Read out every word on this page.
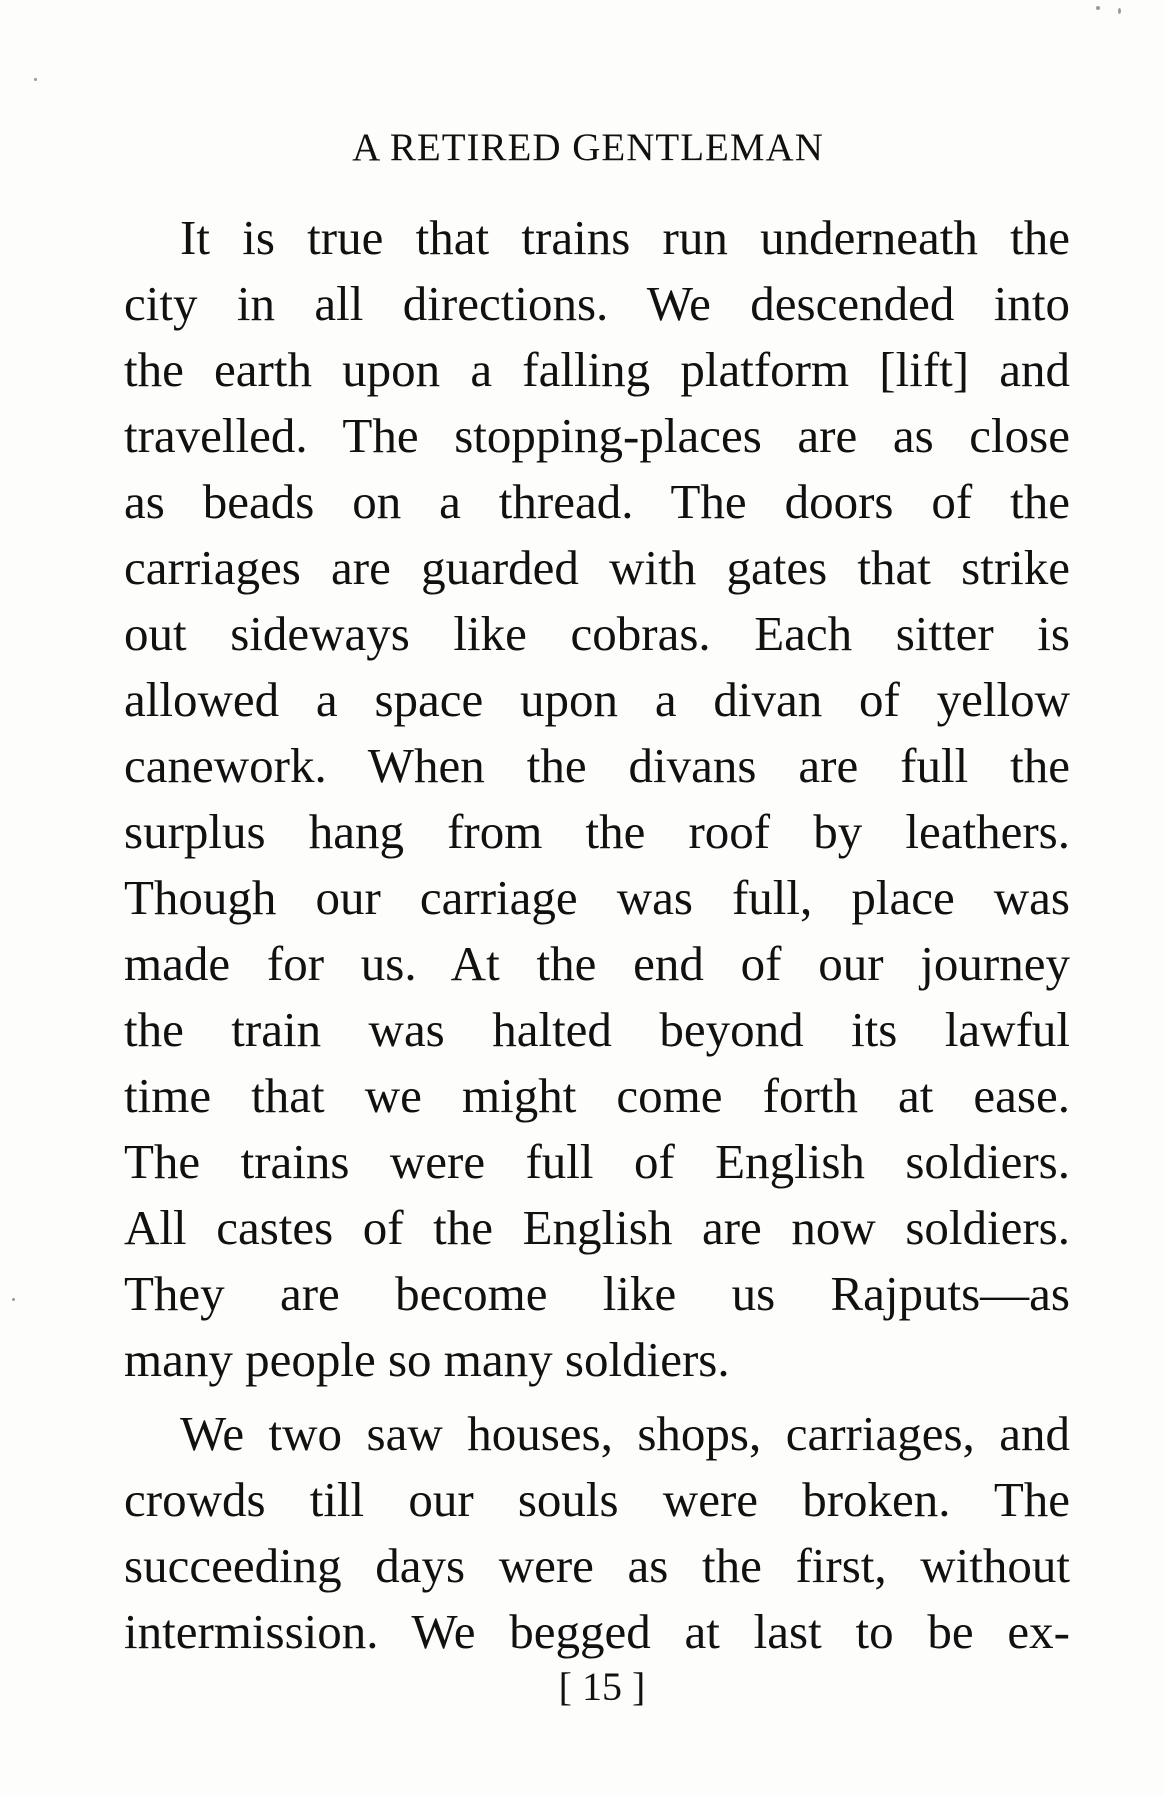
A RETIRED GENTLEMAN
It is true that trains run underneath the
city in all directions. We descended into
the earth upon a falling platform [lift] and
travelled. The stopping-places are as close
as beads on a thread. The doors of the
carriages are guarded with gates that strike
out sideways like cobras. Each sitter is
allowed a space upon a divan of yellow
canework. When the divans are full the
surplus hang from the roof by leathers.
Though our carriage was full, place was
made for us. At the end of our journey
the train was halted beyond its lawful
time that we might come forth at ease.
The trains were full of English soldiers.
All castes of the English are now soldiers.
They are become like us Rajputs—as
many people so many soldiers.
We two saw houses, shops, carriages, and
crowds till our souls were broken. The
succeeding days were as the first, without
intermission. We begged at last to be ex-
[ 15 ]
